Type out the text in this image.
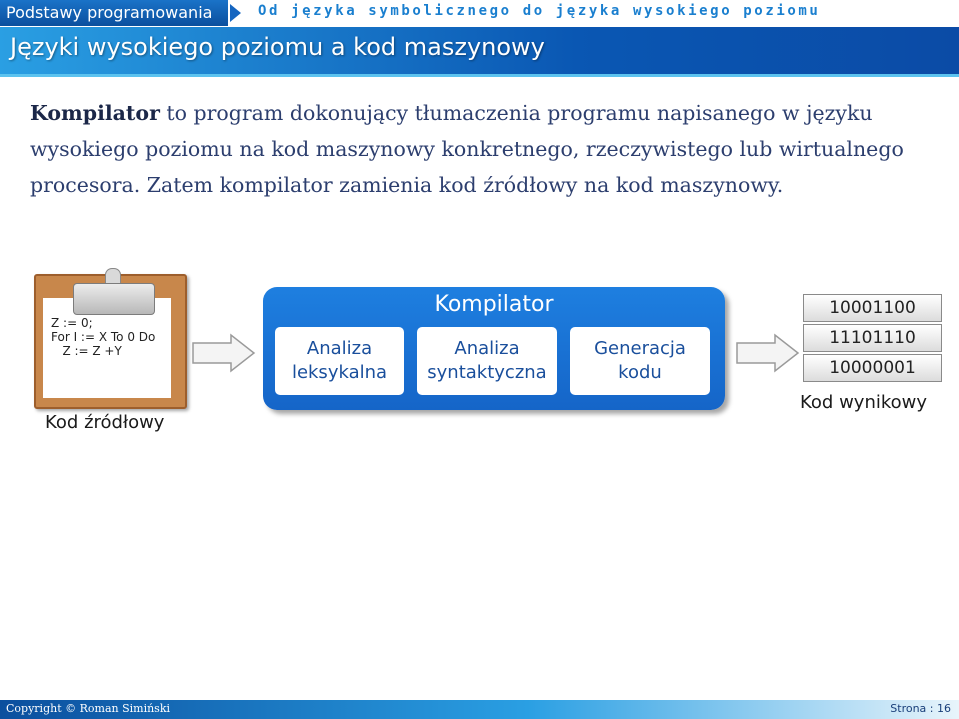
Podstawy programowania	Od języka symbolicznego do języka wysokiego poziomu
Języki wysokiego poziomu a kod maszynowy
Kompilator to program dokonujący tłumaczenia programu napisanego w języku wysokiego poziomu na kod maszynowy konkretnego, rzeczywistego lub wirtualnego procesora. Zatem kompilator zamienia kod źródłowy na kod maszynowy.
Z := 0;
For I := X To 0 Do
Z := Z +Y
Kod źródłowy
Kompilator
Analiza leksykalna
Analiza syntaktyczna
Generacja kodu
10001100
11101110
10000001
Kod wynikowy
Copyright © Roman Simiński	Strona : 16
